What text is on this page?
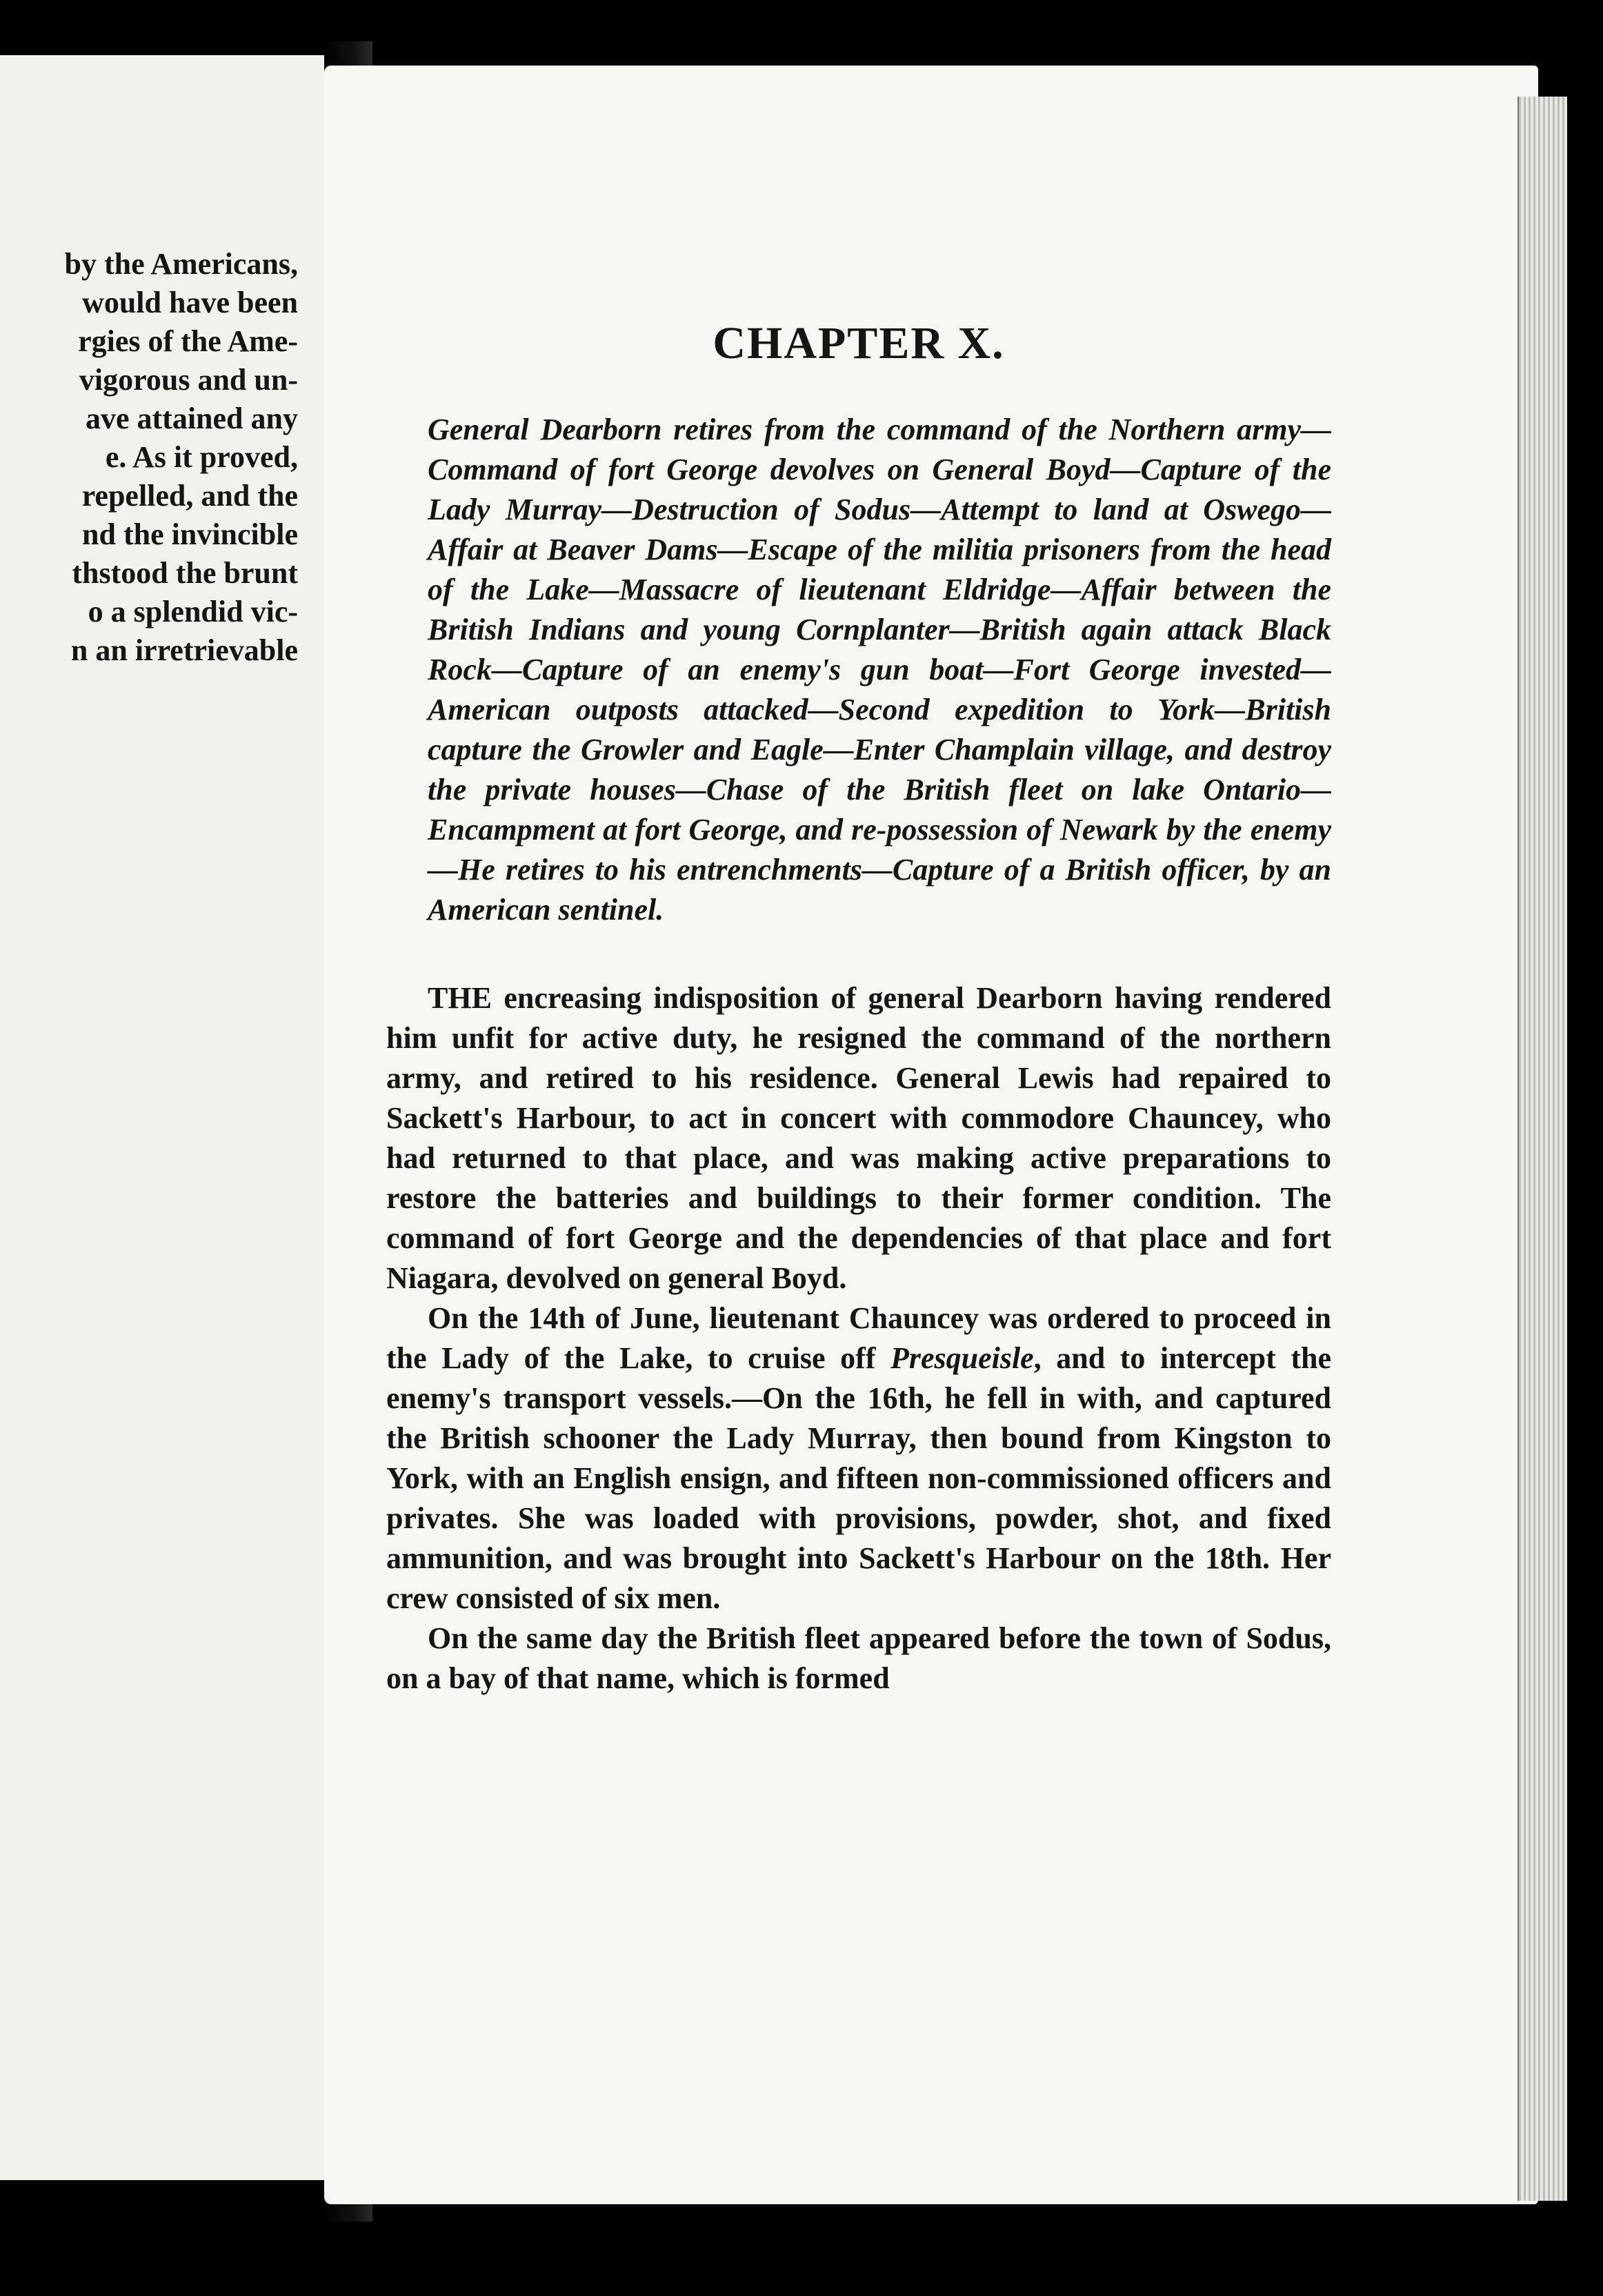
by the Americans,
would have been
rgies of the Ame-
vigorous and un-
ave attained any
e. As it proved,
repelled, and the
nd the invincible
thstood the brunt
o a splendid vic-
n an irretrievable
CHAPTER X.

General Dearborn retires from the command of the Northern army—Command of fort George devolves on General Boyd—Capture of the Lady Murray—Destruction of Sodus—Attempt to land at Oswego—Affair at Beaver Dams—Escape of the militia prisoners from the head of the Lake—Massacre of lieutenant Eldridge—Affair between the British Indians and young Cornplanter—British again attack Black Rock—Capture of an enemy's gun boat—Fort George invested—American outposts attacked—Second expedition to York—British capture the Growler and Eagle—Enter Champlain village, and destroy the private houses—Chase of the British fleet on lake Ontario—Encampment at fort George, and re-possession of Newark by the enemy—He retires to his entrenchments—Capture of a British officer, by an American sentinel.

THE encreasing indisposition of general Dearborn having rendered him unfit for active duty, he resigned the command of the northern army, and retired to his residence. General Lewis had repaired to Sackett's Harbour, to act in concert with commodore Chauncey, who had returned to that place, and was making active preparations to restore the batteries and buildings to their former condition. The command of fort George and the dependencies of that place and fort Niagara, devolved on general Boyd.

On the 14th of June, lieutenant Chauncey was ordered to proceed in the Lady of the Lake, to cruise off Presqueisle, and to intercept the enemy's transport vessels.—On the 16th, he fell in with, and captured the British schooner the Lady Murray, then bound from Kingston to York, with an English ensign, and fifteen non-commissioned officers and privates. She was loaded with provisions, powder, shot, and fixed ammunition, and was brought into Sackett's Harbour on the 18th. Her crew consisted of six men.

On the same day the British fleet appeared before the town of Sodus, on a bay of that name, which is formed
